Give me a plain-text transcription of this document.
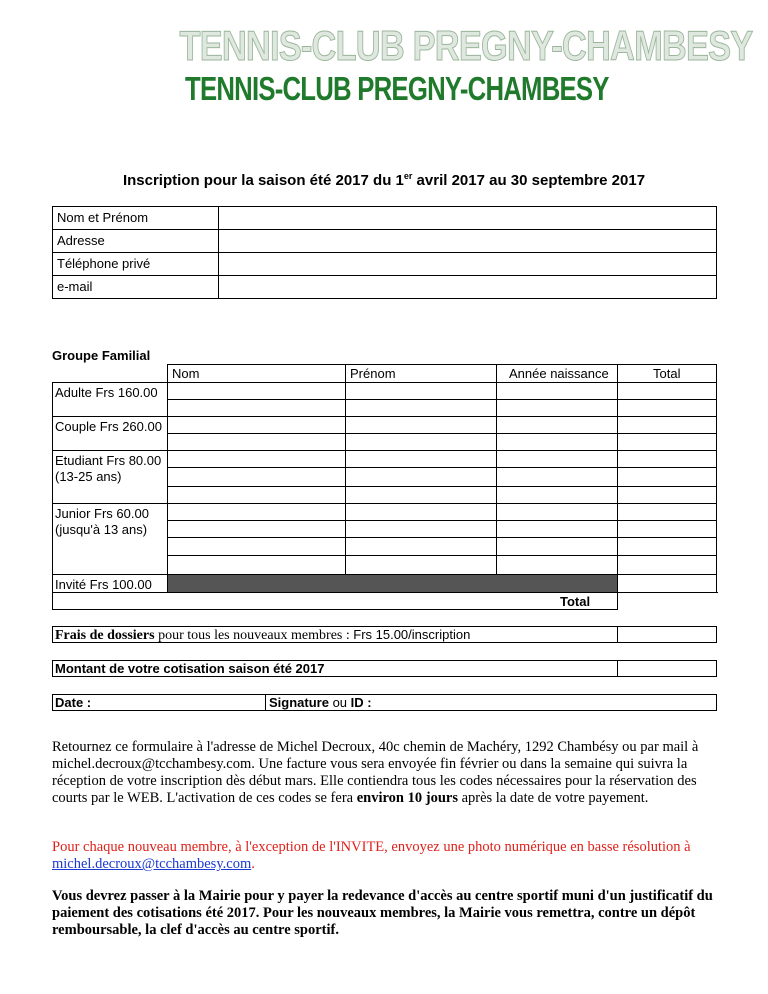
TENNIS-CLUB PREGNY-CHAMBESY
TENNIS-CLUB PREGNY-CHAMBESY
Inscription pour la saison été 2017 du 1er avril 2017 au 30 septembre 2017
Nom et Prénom	
Adresse	
Téléphone privé	
e-mail	
Groupe Familial
Nom	Prénom	Année naissance	Total
Adulte Frs 160.00
Couple Frs 260.00
Etudiant Frs 80.00
(13-25 ans)
Junior Frs 60.00
(jusqu'à 13 ans)
Invité Frs 100.00
Total
Frais de dossiers pour tous les nouveaux membres : Frs 15.00/inscription
Montant de votre cotisation saison été 2017
Date :	Signature ou ID :
Retournez ce formulaire à l'adresse de Michel Decroux, 40c chemin de Machéry, 1292 Chambésy ou par mail à michel.decroux@tcchambesy.com. Une facture vous sera envoyée fin février ou dans la semaine qui suivra la réception de votre inscription dès début mars. Elle contiendra tous les codes nécessaires pour la réservation des courts par le WEB. L'activation de ces codes se fera environ 10 jours après la date de votre payement.
Pour chaque nouveau membre, à l'exception de l'INVITE, envoyez une photo numérique en basse résolution à michel.decroux@tcchambesy.com.
Vous devrez passer à la Mairie pour y payer la redevance d'accès au centre sportif muni d'un justificatif du paiement des cotisations été 2017. Pour les nouveaux membres, la Mairie vous remettra, contre un dépôt remboursable, la clef d'accès au centre sportif.
